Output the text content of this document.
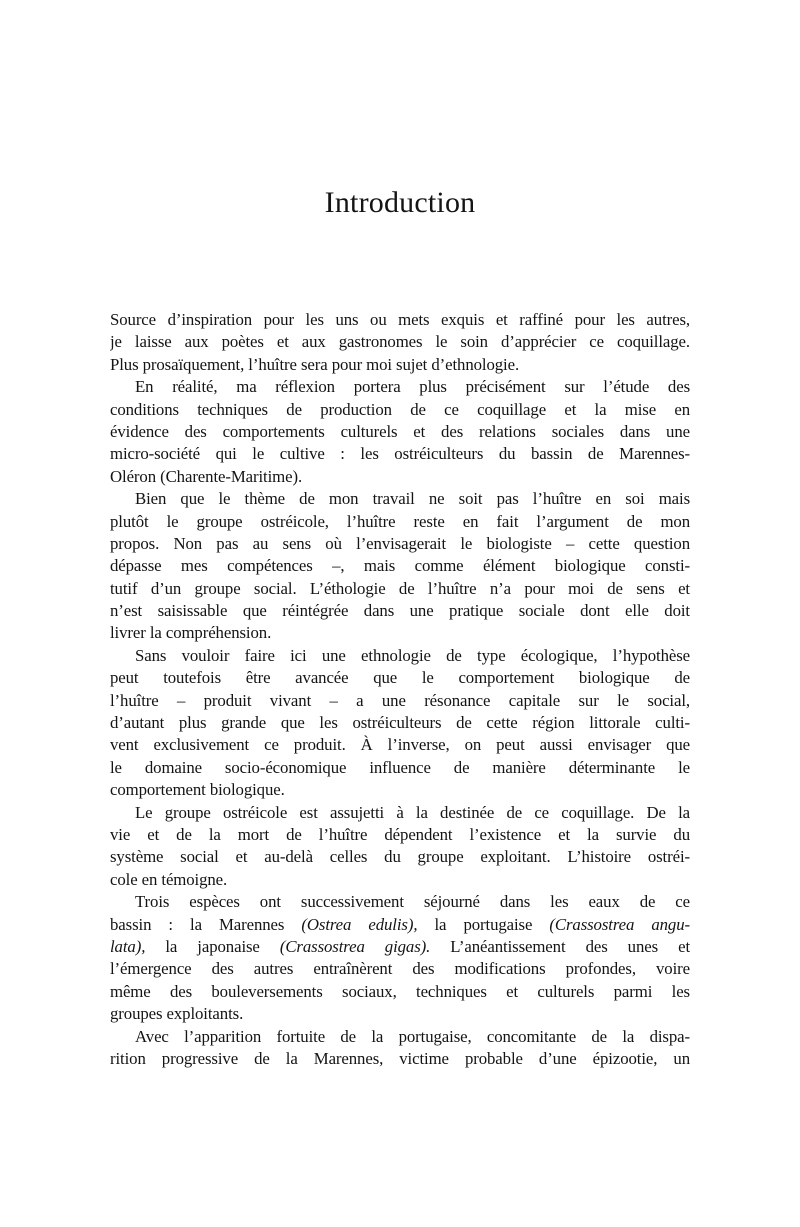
Introduction
Source d’inspiration pour les uns ou mets exquis et raffiné pour les autres,
je laisse aux poètes et aux gastronomes le soin d’apprécier ce coquillage.
Plus prosaïquement, l’huître sera pour moi sujet d’ethnologie.
En réalité, ma réflexion portera plus précisément sur l’étude des
conditions techniques de production de ce coquillage et la mise en
évidence des comportements culturels et des relations sociales dans une
micro-société qui le cultive : les ostréiculteurs du bassin de Marennes-
Oléron (Charente-Maritime).
Bien que le thème de mon travail ne soit pas l’huître en soi mais
plutôt le groupe ostréicole, l’huître reste en fait l’argument de mon
propos. Non pas au sens où l’envisagerait le biologiste – cette question
dépasse mes compétences –, mais comme élément biologique consti-
tutif d’un groupe social. L’éthologie de l’huître n’a pour moi de sens et
n’est saisissable que réintégrée dans une pratique sociale dont elle doit
livrer la compréhension.
Sans vouloir faire ici une ethnologie de type écologique, l’hypothèse
peut toutefois être avancée que le comportement biologique de
l’huître – produit vivant – a une résonance capitale sur le social,
d’autant plus grande que les ostréiculteurs de cette région littorale culti-
vent exclusivement ce produit. À l’inverse, on peut aussi envisager que
le domaine socio-économique influence de manière déterminante le
comportement biologique.
Le groupe ostréicole est assujetti à la destinée de ce coquillage. De la
vie et de la mort de l’huître dépendent l’existence et la survie du
système social et au-delà celles du groupe exploitant. L’histoire ostréi-
cole en témoigne.
Trois espèces ont successivement séjourné dans les eaux de ce
bassin : la Marennes (Ostrea edulis), la portugaise (Crassostrea angu-
lata), la japonaise (Crassostrea gigas). L’anéantissement des unes et
l’émergence des autres entraînèrent des modifications profondes, voire
même des bouleversements sociaux, techniques et culturels parmi les
groupes exploitants.
Avec l’apparition fortuite de la portugaise, concomitante de la dispa-
rition progressive de la Marennes, victime probable d’une épizootie, un
